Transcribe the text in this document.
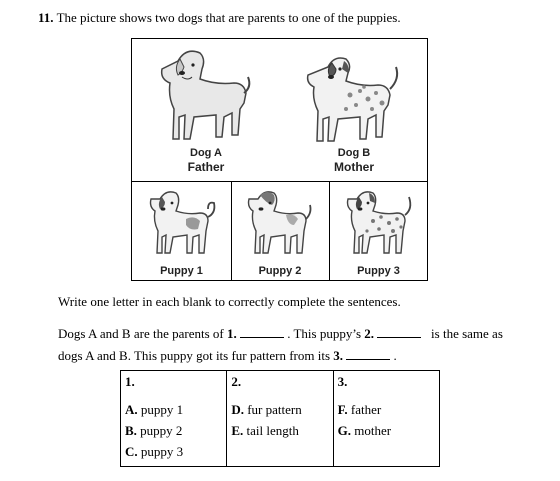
11. The picture shows two dogs that are parents to one of the puppies.
Dog A
Father
Dog B
Mother
Puppy 1	Puppy 2	Puppy 3
Write one letter in each blank to correctly complete the sentences.
Dogs A and B are the parents of 1.	. This puppy’s 2.	is the same as
dogs A and B. This puppy got its fur pattern from its 3.	.
1.
A. puppy 1
B. puppy 2
C. puppy 3

2.
D. fur pattern
E. tail length

3.
F. father
G. mother
